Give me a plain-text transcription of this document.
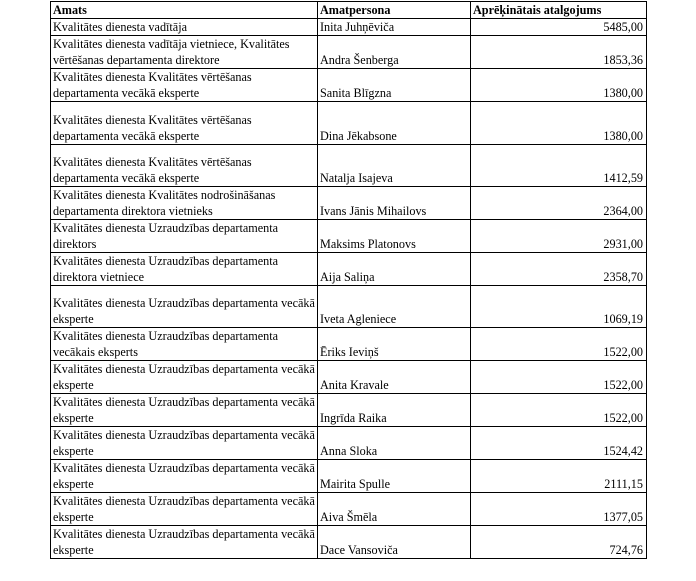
Amats	Amatpersona	Aprēķinātais atalgojums
Kvalitātes dienesta vadītāja	Inita Juhņēviča	5485,00
Kvalitātes dienesta vadītāja vietniece, Kvalitātes vērtēšanas departamenta direktore	Andra Šenberga	1853,36
Kvalitātes dienesta Kvalitātes vērtēšanas departamenta vecākā eksperte	Sanita Blīgzna	1380,00
Kvalitātes dienesta Kvalitātes vērtēšanas departamenta vecākā eksperte	Dina Jēkabsone	1380,00
Kvalitātes dienesta Kvalitātes vērtēšanas departamenta vecākā eksperte	Natalja Isajeva	1412,59
Kvalitātes dienesta Kvalitātes nodrošināšanas departamenta direktora vietnieks	Ivans Jānis Mihailovs	2364,00
Kvalitātes dienesta Uzraudzības departamenta direktors	Maksims Platonovs	2931,00
Kvalitātes dienesta Uzraudzības departamenta direktora vietniece	Aija Saliņa	2358,70
Kvalitātes dienesta Uzraudzības departamenta vecākā eksperte	Iveta Agleniece	1069,19
Kvalitātes dienesta Uzraudzības departamenta vecākais eksperts	Ēriks Ieviņš	1522,00
Kvalitātes dienesta Uzraudzības departamenta vecākā eksperte	Anita Kravale	1522,00
Kvalitātes dienesta Uzraudzības departamenta vecākā eksperte	Ingrīda Raika	1522,00
Kvalitātes dienesta Uzraudzības departamenta vecākā eksperte	Anna Sloka	1524,42
Kvalitātes dienesta Uzraudzības departamenta vecākā eksperte	Mairita Spulle	2111,15
Kvalitātes dienesta Uzraudzības departamenta vecākā eksperte	Aiva Šmēla	1377,05
Kvalitātes dienesta Uzraudzības departamenta vecākā eksperte	Dace Vansoviča	724,76
